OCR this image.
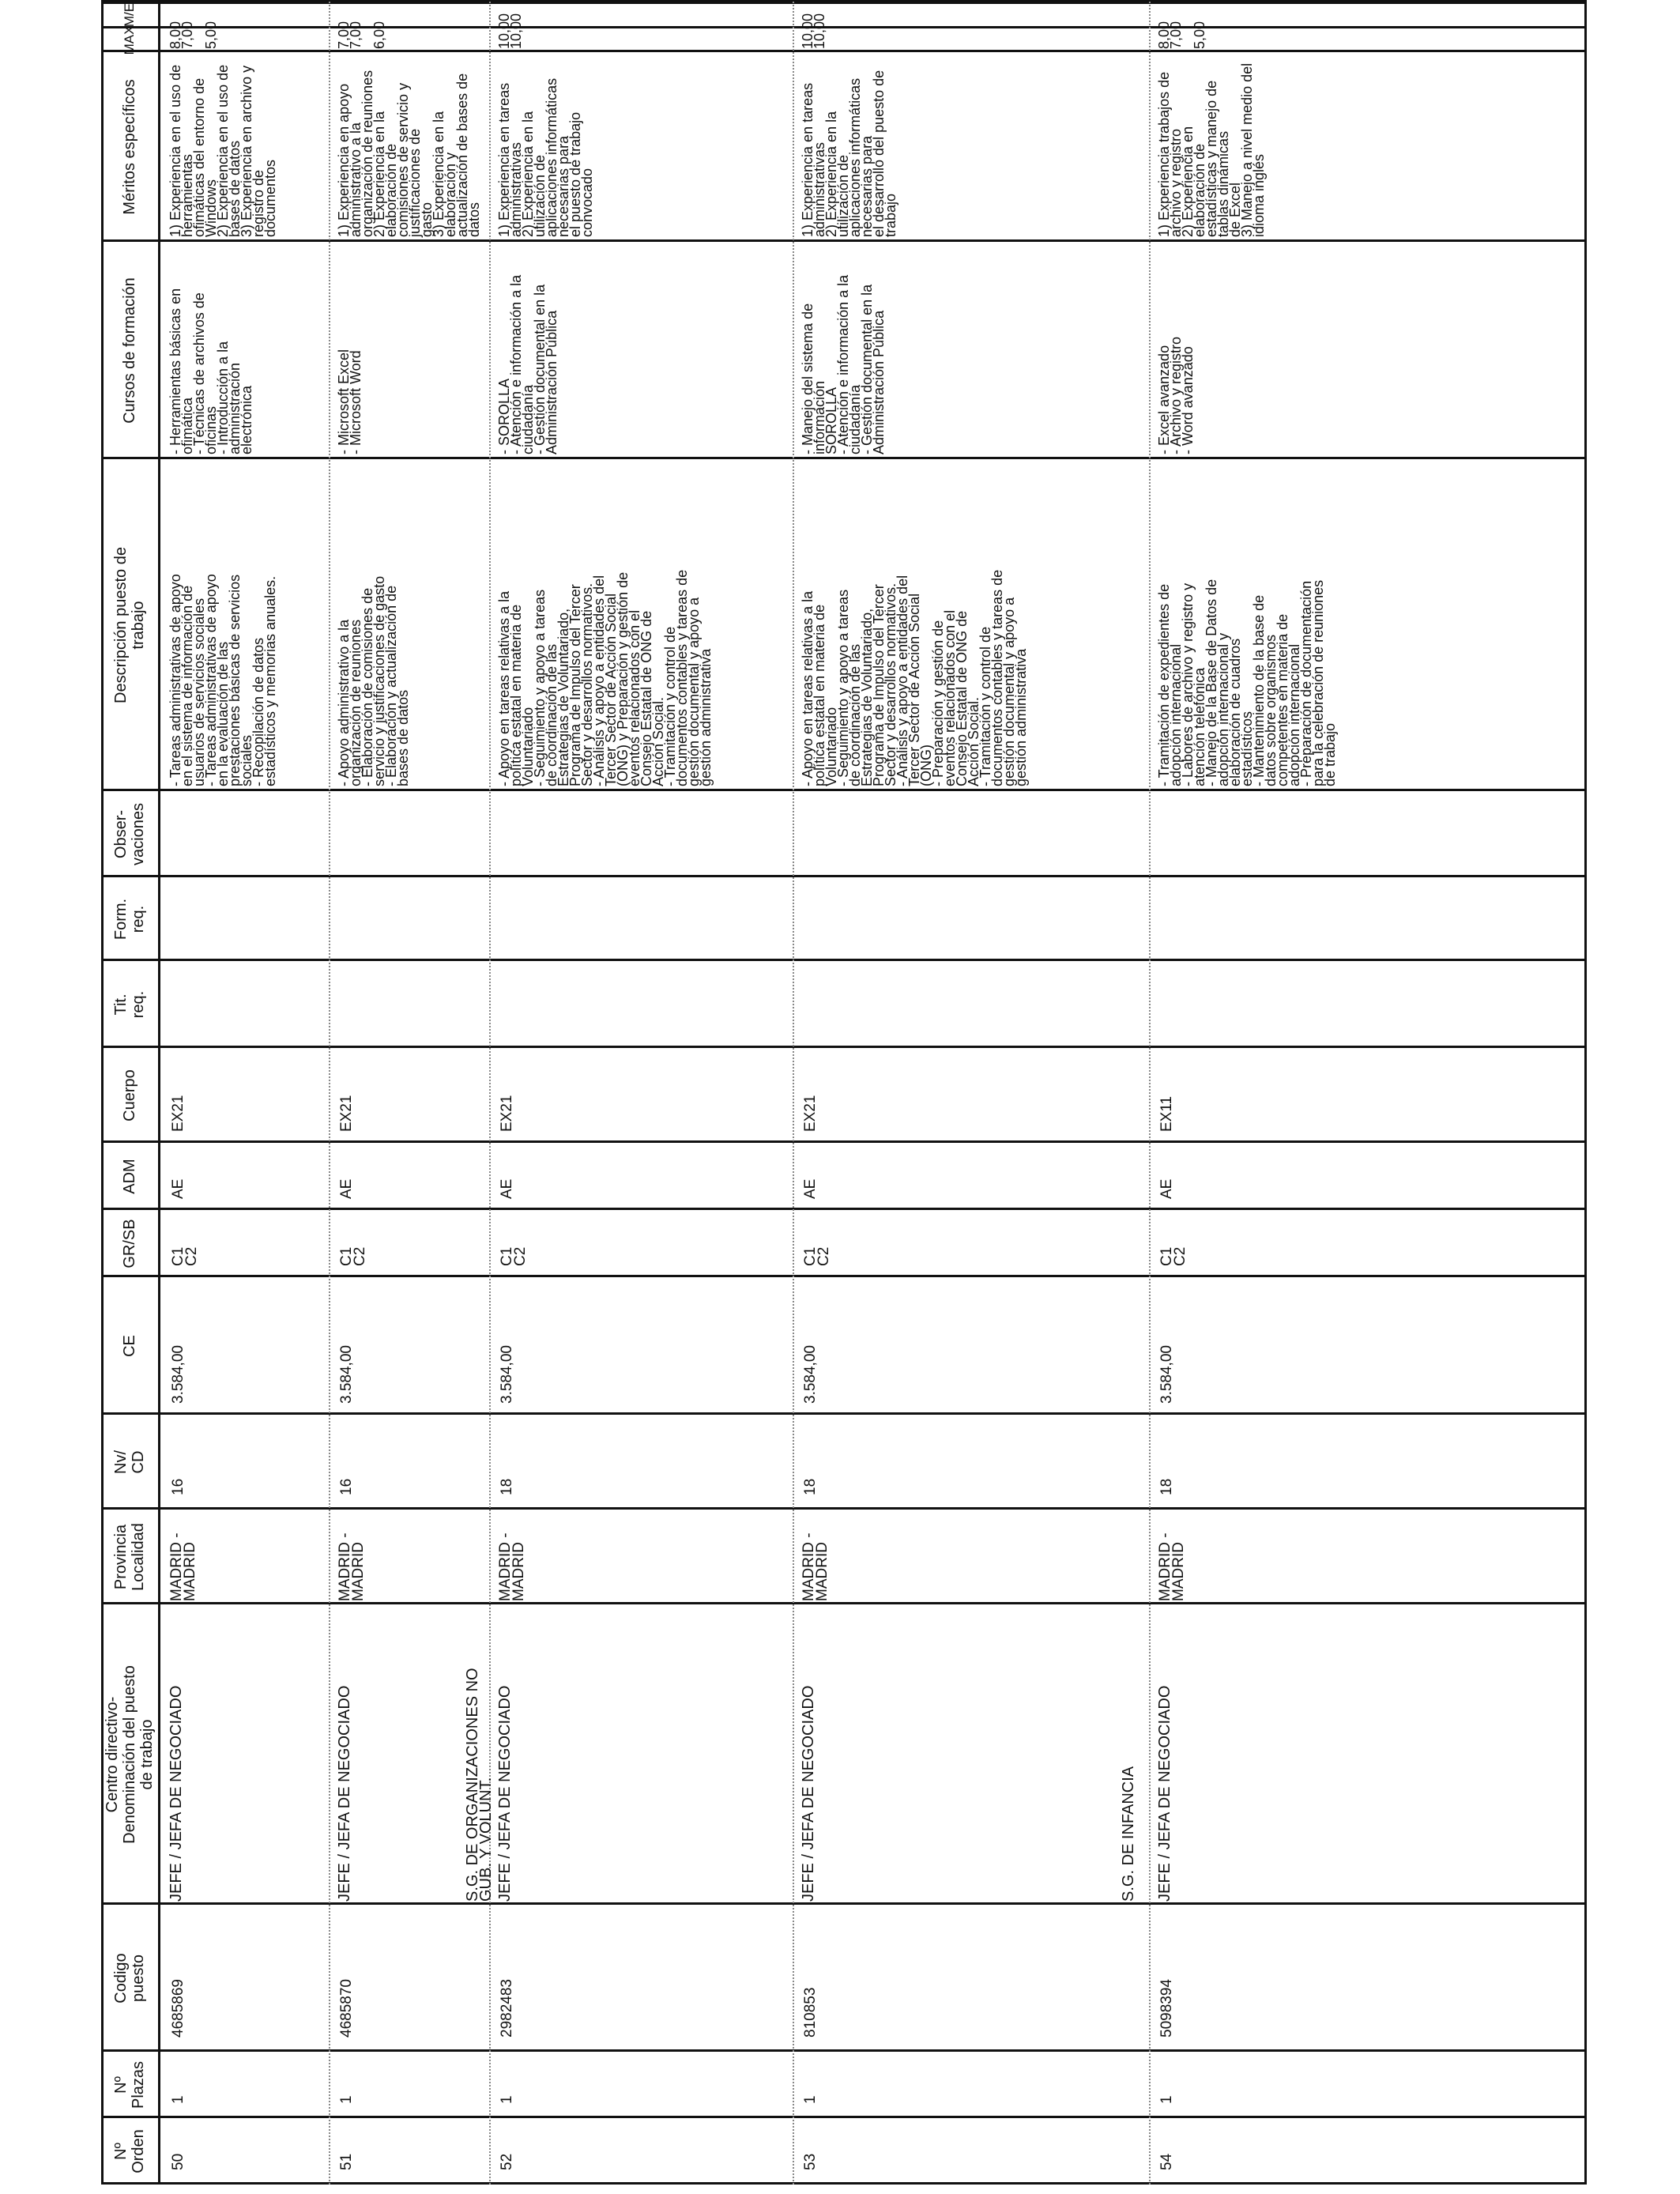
Nº
Orden
Nº
Plazas
Codigo
puesto
Centro directivo-
Denominación del puesto
de trabajo
Provincia
Localidad
Nv/
CD
CE
GR/SB
ADM
Cuerpo
Tit.
req.
Form.
req.
Obser-
vaciones
Descripción puesto de
trabajo
Cursos de formación
Méritos específicos
50
1
4685869
JEFE / JEFA DE NEGOCIADO
MADRID -
MADRID
16
3.584,00
C1
C2
AE
EX21
- Tareas administrativas de apoyo
en el sistema de información de
usuarios de servicios sociales
- Tareas administrativas de apoyo
en la evaluación de las
prestaciones básicas de servicios
sociales
- Recopilación de datos
estadísticos y memorias anuales.
- Herramientas básicas en ofimática
- Técnicas de archivos de oficinas
- Introducción a la administración
electrónica
1) Experiencia en el uso de herramientas
ofimáticas del entorno de Windows
2) Experiencia en el uso de bases de datos
3) Experiencia en archivo y registro de
documentos
8,00
7,00

5,00
51
1
4685870
JEFE / JEFA DE NEGOCIADO
MADRID -
MADRID
16
3.584,00
C1
C2
AE
EX21
- Apoyo administrativo a la
organización de reuniones
- Elaboración de comisiones de
servicio y justificaciones de gasto
- Elaboración y actualización de
bases de datos
- Microsoft Excel
- Microsoft Word
1) Experiencia en apoyo administrativo a la
organización de reuniones
2) Experiencia en la elaboración de
comisiones de servicio y justificaciones de
gasto
3) Experiencia en la elaboración y
actualización de bases de datos
7,00
7,00

6,00
52
1
2982483
JEFE / JEFA DE NEGOCIADO
MADRID -
MADRID
18
3.584,00
C1
C2
AE
EX21
- Apoyo en tareas relativas a la
política estatal en materia de
Voluntariado
- Seguimiento y apoyo a tareas
de coordinación de las
Estrategias de Voluntariado,
Programa de Impulso del Tercer
Sector y desarrollos normativos.
- Análisis y apoyo a entidades del
Tercer Sector de Acción Social
(ONG) y Preparación y gestión de
eventos relacionados con el
Consejo Estatal de ONG de
Acción Social.
- Tramitación y control de
documentos contables y tareas de
gestión documental y apoyo a
gestión administrativa
- SOROLLA
- Atención e información a la
ciudadanía
- Gestión documental en la
Administración Pública
1) Experiencia en tareas administrativas
2) Experiencia en la utilización de
aplicaciones informáticas necesarias para
el puesto de trabajo convocado
10,00
10,00
53
1
810853
JEFE / JEFA DE NEGOCIADO
MADRID -
MADRID
18
3.584,00
C1
C2
AE
EX21
- Apoyo en tareas relativas a la
política estatal en materia de
Voluntariado
- Seguimiento y apoyo a tareas
de coordinación de las
Estrategias de Voluntariado,
Programa de Impulso del Tercer
Sector y desarrollos normativos.
- Análisis y apoyo a entidades del
Tercer Sector de Acción Social
(ONG)
- Preparación y gestión de
eventos relacionados con el
Consejo Estatal de ONG de
Acción Social.
- Tramitación y control de
documentos contables y tareas de
gestión documental y apoyo a
gestión administrativa
- Manejo del sistema de información
SOROLLA
- Atención e información a la
ciudadanía
- Gestión documental en la
Administración Pública
1) Experiencia en tareas administrativas
2) Experiencia en la utilización de
aplicaciones informáticas necesarias para
el desarrollo del puesto de trabajo
10,00
10,00
54
1
5098394
JEFE / JEFA DE NEGOCIADO
MADRID -
MADRID
18
3.584,00
C1
C2
AE
EX11
- Tramitación de expedientes de
adopción internacional
- Labores de archivo y registro y
atención telefónica
- Manejo de la Base de Datos de
adopción internacional y
elaboración de cuadros
estadísticos
- Mantenimiento de la base de
datos sobre organismos
competentes en materia de
adopción internacional
- Preparación de documentación
para la celebración de reuniones
de trabajo
- Excel avanzado
- Archivo y registro
- Word avanzado
1) Experiencia trabajos de archivo y registro
2) Experiencia en elaboración de
estadísticas y manejo de tablas dinámicas
de Excel
3) Manejo a nivel medio del idioma inglés
8,00
7,00

5,00
S.G. DE ORGANIZACIONES NO
GUB. Y VOLUNT.	S.G. DE INFANCIA
MAX
M/E
